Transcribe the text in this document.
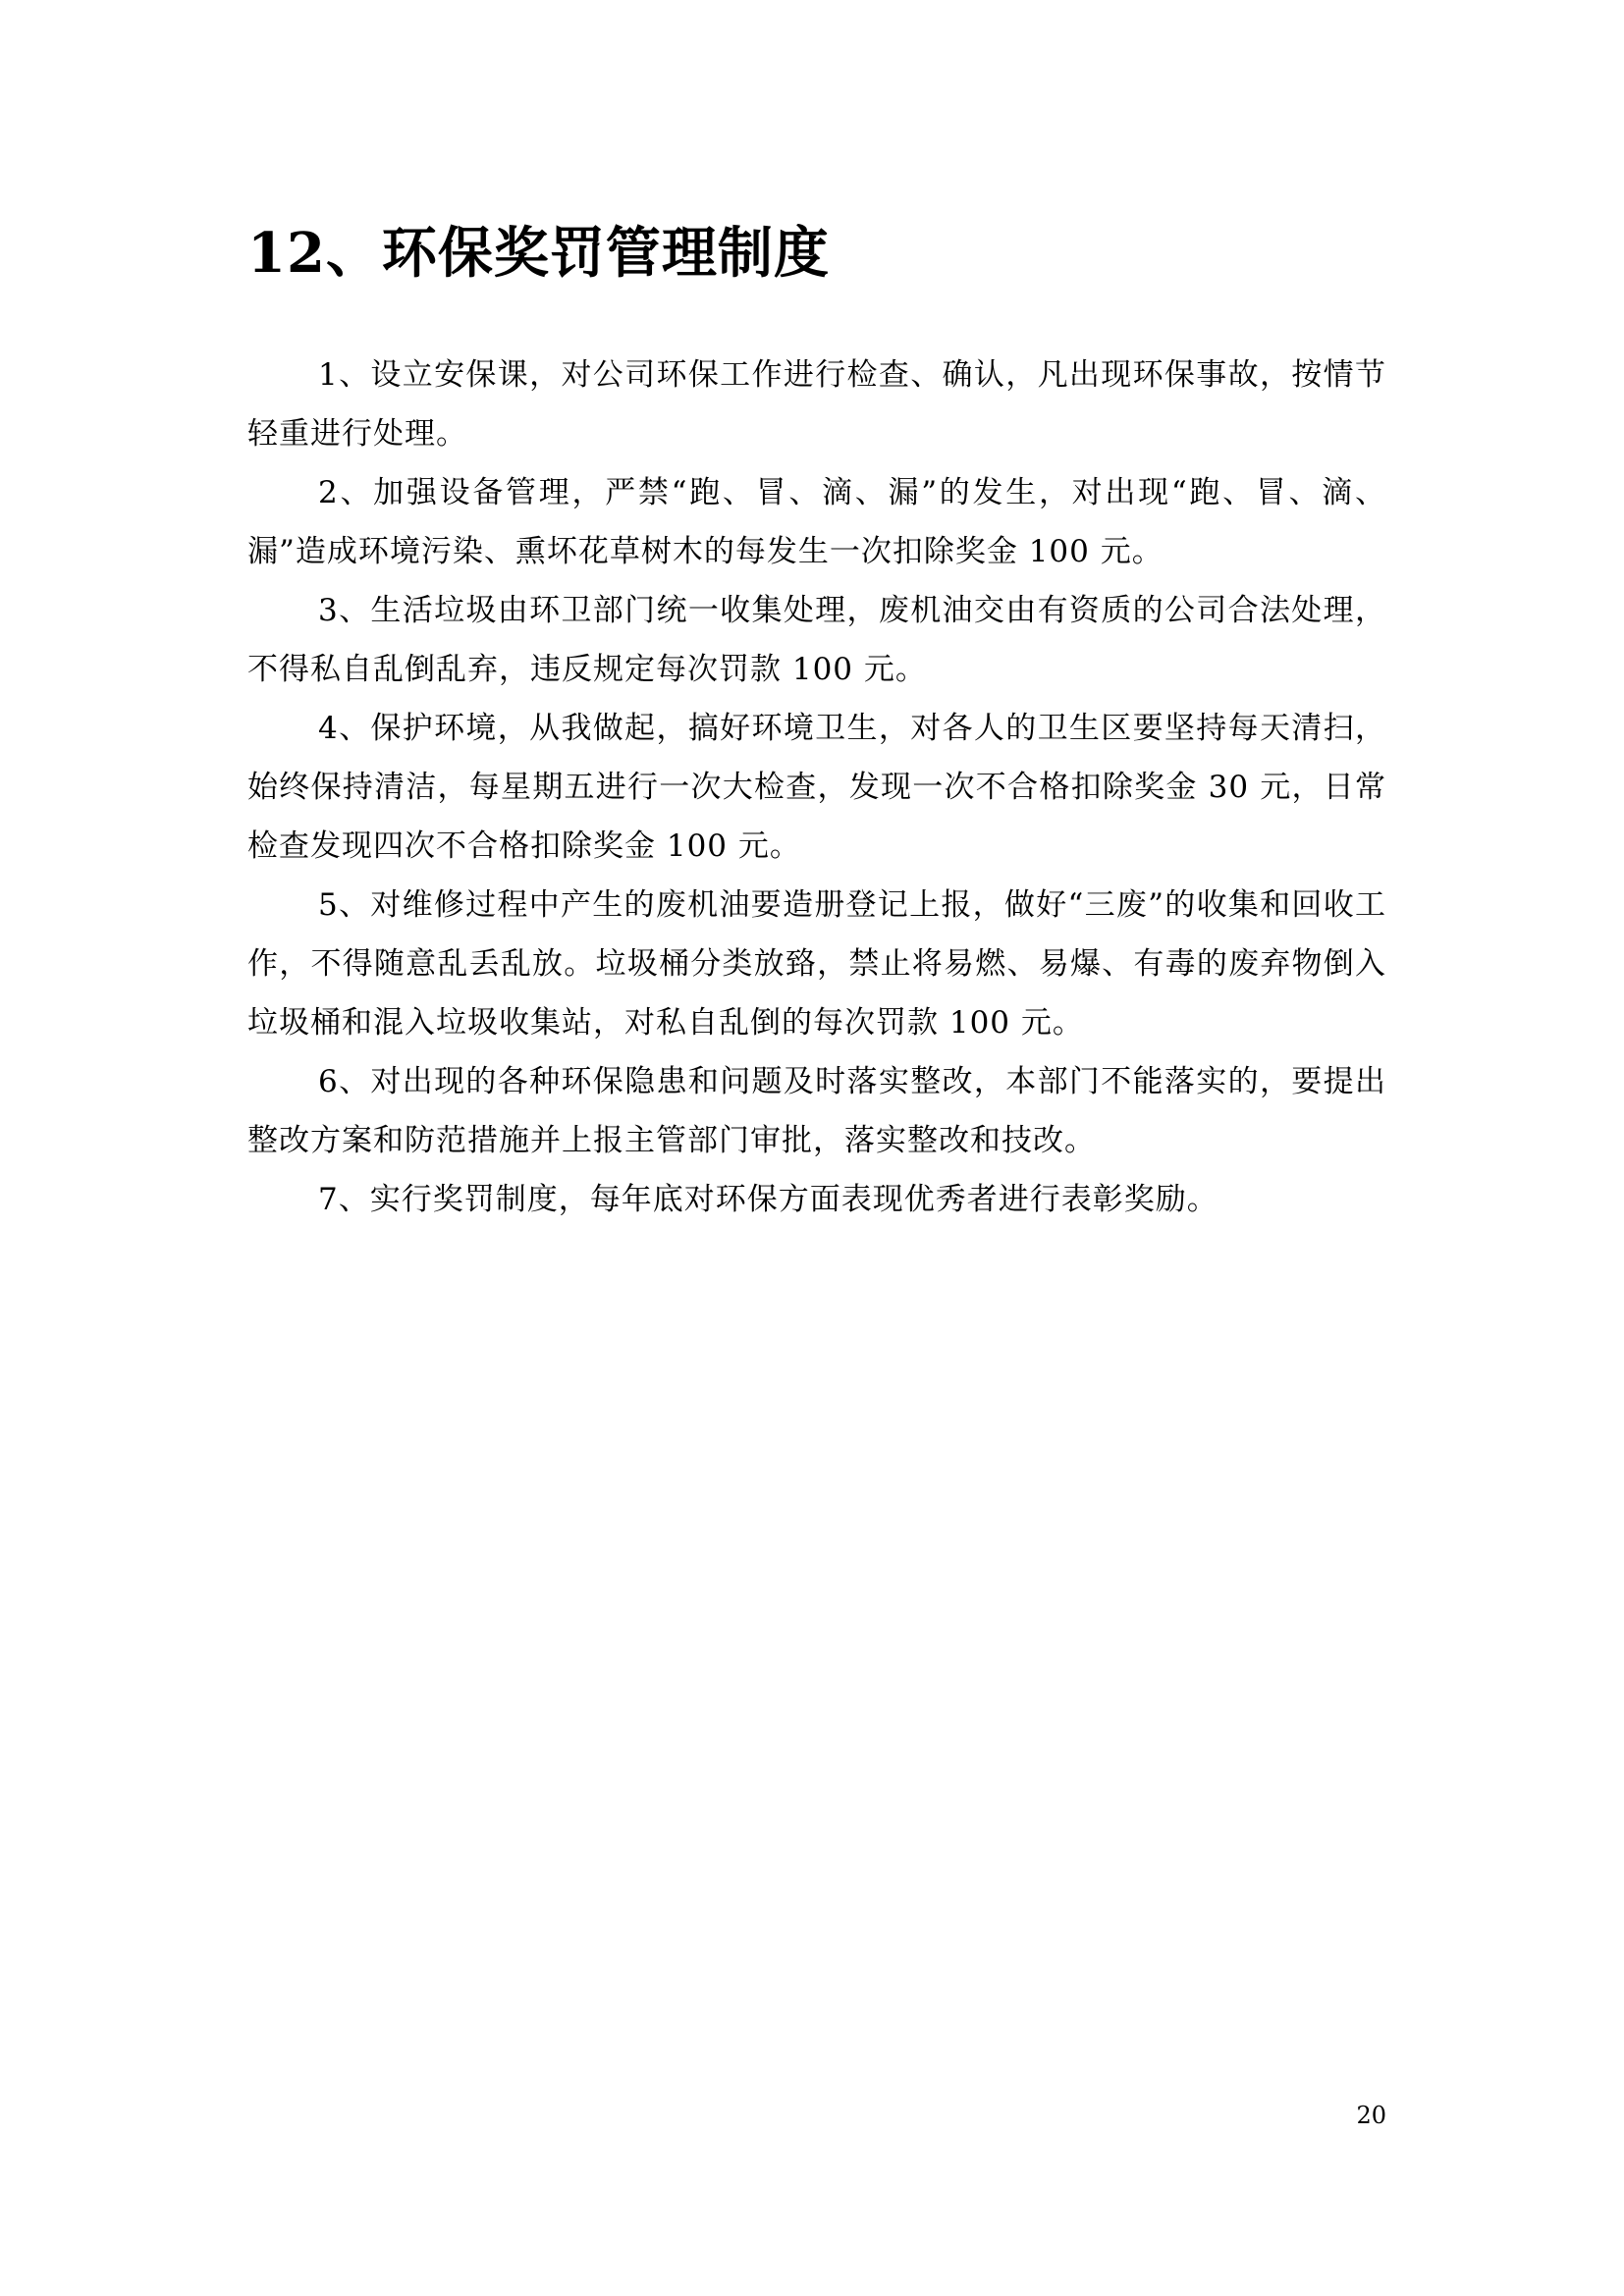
12、环保奖罚管理制度

1、设立安保课，对公司环保工作进行检查、确认，凡出现环保事故，按情节轻重进行处理。

2、加强设备管理，严禁“跑、冒、滴、漏”的发生，对出现“跑、冒、滴、漏”造成环境污染、熏坏花草树木的每发生一次扣除奖金 100 元。

3、生活垃圾由环卫部门统一收集处理，废机油交由有资质的公司合法处理，不得私自乱倒乱弃，违反规定每次罚款 100 元。

4、保护环境，从我做起，搞好环境卫生，对各人的卫生区要坚持每天清扫，始终保持清洁，每星期五进行一次大检查，发现一次不合格扣除奖金 30 元，日常检查发现四次不合格扣除奖金 100 元。

5、对维修过程中产生的废机油要造册登记上报，做好“三废”的收集和回收工作，不得随意乱丢乱放。垃圾桶分类放臵，禁止将易燃、易爆、有毒的废弃物倒入垃圾桶和混入垃圾收集站，对私自乱倒的每次罚款 100 元。

6、对出现的各种环保隐患和问题及时落实整改，本部门不能落实的，要提出整改方案和防范措施并上报主管部门审批，落实整改和技改。

7、实行奖罚制度，每年底对环保方面表现优秀者进行表彰奖励。

20
